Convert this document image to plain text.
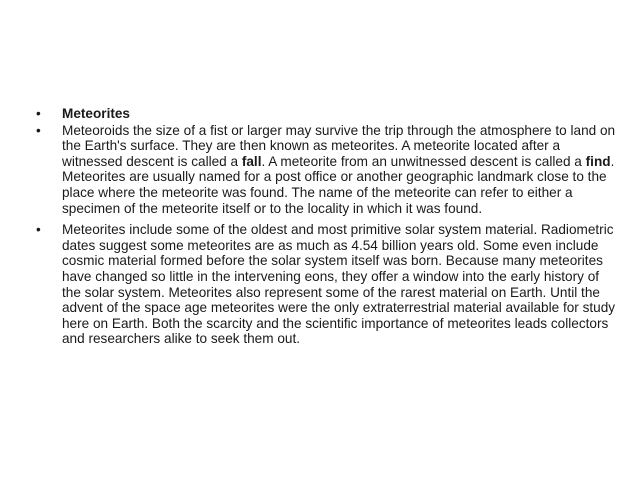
•	Meteorites
•	Meteoroids the size of a fist or larger may survive the trip through the atmosphere to land on the Earth's surface. They are then known as meteorites. A meteorite located after a witnessed descent is called a fall. A meteorite from an unwitnessed descent is called a find. Meteorites are usually named for a post office or another geographic landmark close to the place where the meteorite was found. The name of the meteorite can refer to either a specimen of the meteorite itself or to the locality in which it was found.
•	Meteorites include some of the oldest and most primitive solar system material. Radiometric dates suggest some meteorites are as much as 4.54 billion years old. Some even include cosmic material formed before the solar system itself was born. Because many meteorites have changed so little in the intervening eons, they offer a window into the early history of the solar system. Meteorites also represent some of the rarest material on Earth. Until the advent of the space age meteorites were the only extraterrestrial material available for study here on Earth. Both the scarcity and the scientific importance of meteorites leads collectors and researchers alike to seek them out.
